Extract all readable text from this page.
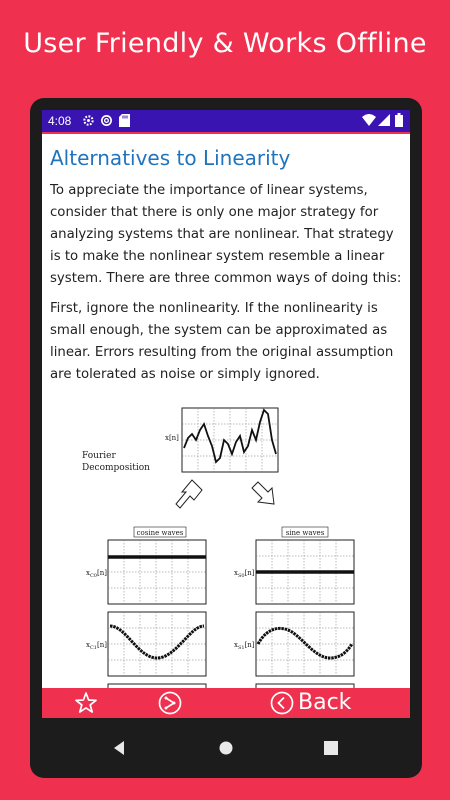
User Friendly & Works Offline
4:08
Alternatives to Linearity

To appreciate the importance of linear systems, consider that there is only one major strategy for analyzing systems that are nonlinear. That strategy is to make the nonlinear system resemble a linear system. There are three common ways of doing this:

First, ignore the nonlinearity. If the nonlinearity is small enough, the system can be approximated as linear. Errors resulting from the original assumption are tolerated as noise or simply ignored.

Fourier
Decomposition
x[n]
cosine waves	sine waves
$x_{C0}[n]$	$x_{S0}[n]$
$x_{C1}[n]$	$x_{S1}[n]$
Back
